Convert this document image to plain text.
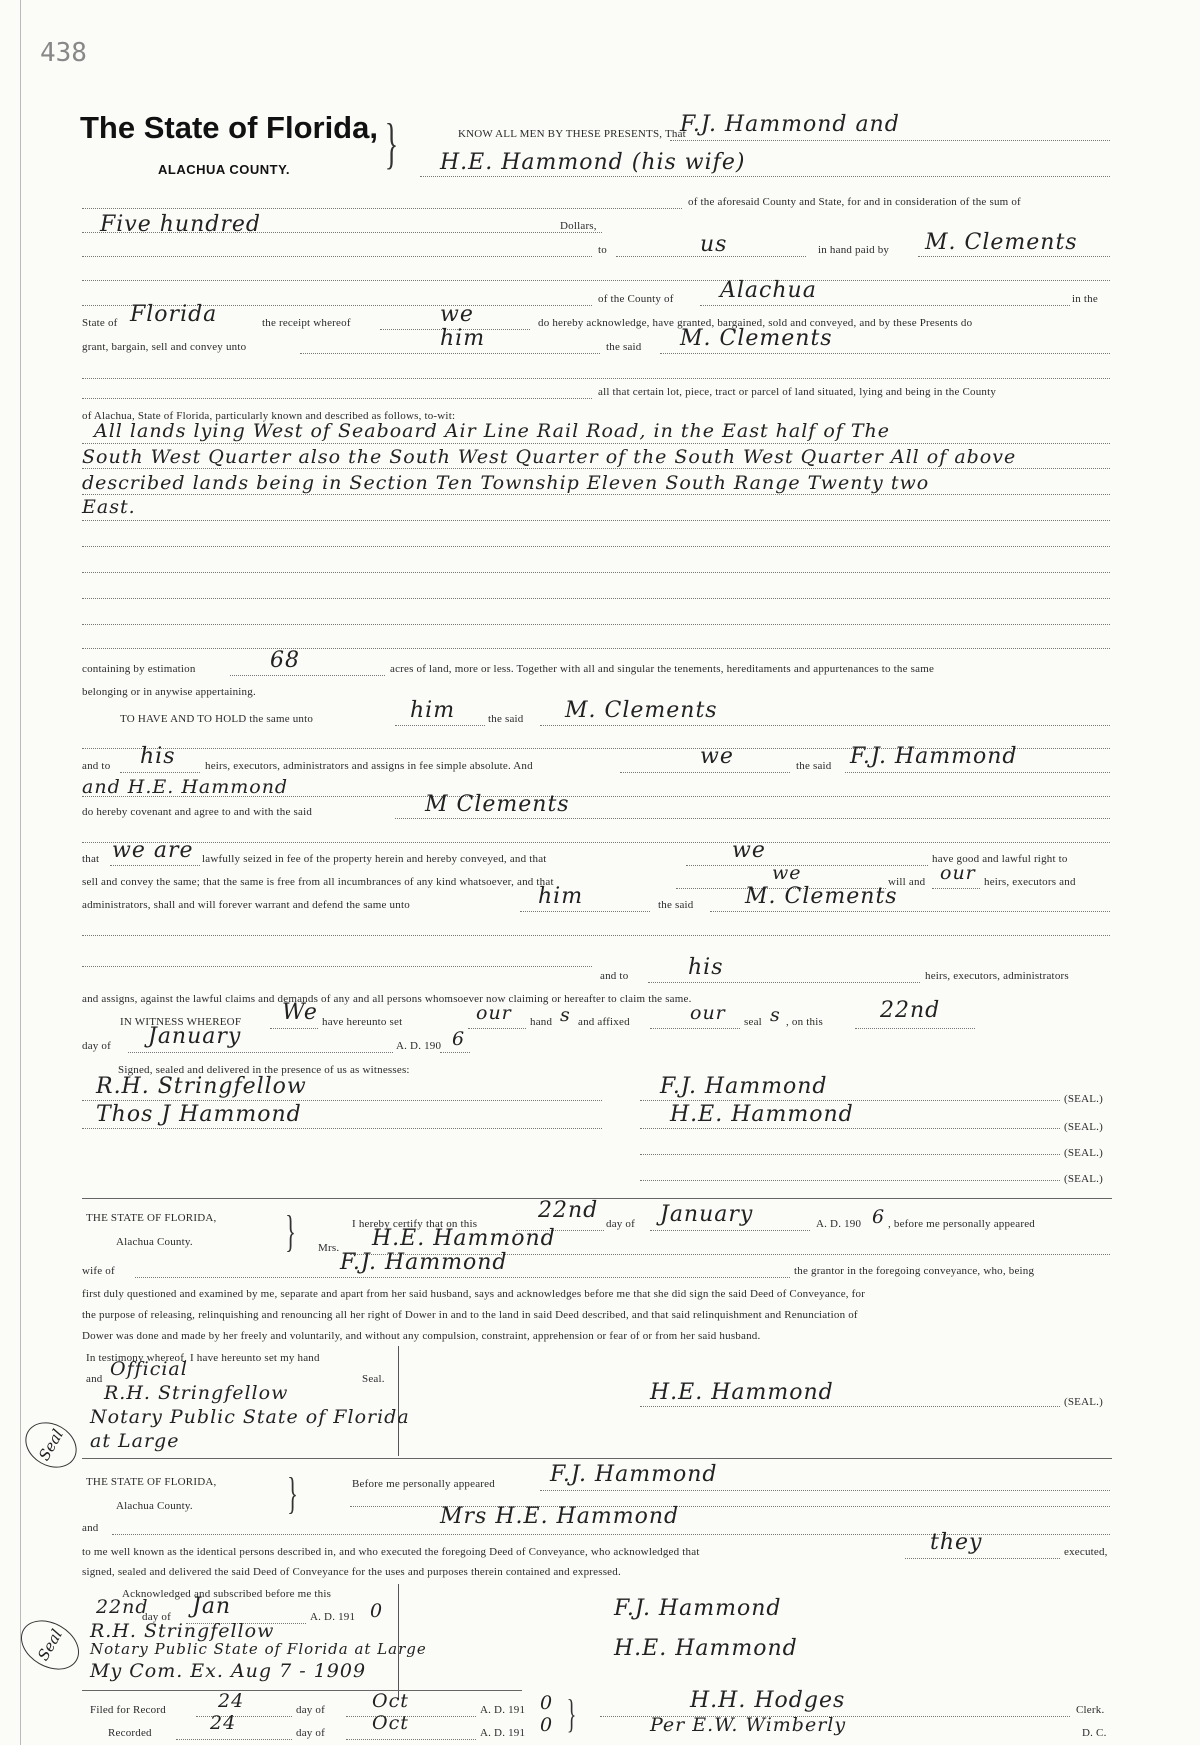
438
The State of Florida,
ALACHUA COUNTY. }	KNOW ALL MEN BY THESE PRESENTS, That
F.J. Hammond and
H.E. Hammond (his wife)
of the aforesaid County and State, for and in consideration of the sum of
Five hundred	Dollars,
to	us	in hand paid by M. Clements
of the County of Alachua	in the
State of Florida	the receipt whereof	we	do hereby acknowledge, have granted, bargained, sold and conveyed, and by these Presents do
grant, bargain, sell and convey unto	him	the said M. Clements
all that certain lot, piece, tract or parcel of land situated, lying and being in the County
of Alachua, State of Florida, particularly known and described as follows, to-wit:
All lands lying West of Seaboard Air Line Rail Road, in the East half of The
South West Quarter also the South West Quarter of the South West Quarter All of above
described lands being in Section Ten Township Eleven South Range Twenty two
East.
containing by estimation	68	acres of land, more or less. Together with all and singular the tenements, hereditaments and appurtenances to the same
belonging or in anywise appertaining.
TO HAVE AND TO HOLD the same unto	him	the said M. Clements
and to his	heirs, executors, administrators and assigns in fee simple absolute. And	we	the said F.J. Hammond
and H.E. Hammond
do hereby covenant and agree to and with the said	M Clements
that we are lawfully seized in fee of the property herein and hereby conveyed, and that	we	have good and lawful right to
sell and convey the same; that the same is free from all incumbrances of any kind whatsoever, and that	we	will and our heirs, executors and
administrators, shall and will forever warrant and defend the same unto	him	the said M. Clements
and to	his	heirs, executors, administrators
and assigns, against the lawful claims and demands of any and all persons whomsoever now claiming or hereafter to claim the same.
IN WITNESS WHEREOF We have hereunto set	our hand s and affixed	our seal s , on this	22nd
day of January	A. D. 190 6
Signed, sealed and delivered in the presence of us as witnesses:
R.H. Stringfellow
Thos J Hammond
F.J. Hammond	(SEAL.)
H.E. Hammond	(SEAL.)
(SEAL.)
(SEAL.)
THE STATE OF FLORIDA,
Alachua County. }	I hereby certify that on this
22nd
day of January	A. D. 190 6 , before me personally appeared
Mrs. H.E. Hammond
wife of	F.J. Hammond	the grantor in the foregoing conveyance, who, being
first duly questioned and examined by me, separate and apart from her said husband, says and acknowledges before me that she did sign the said Deed of Conveyance, for
the purpose of releasing, relinquishing and renouncing all her right of Dower in and to the land in said Deed described, and that said relinquishment and Renunciation of
Dower was done and made by her freely and voluntarily, and without any compulsion, constraint, apprehension or fear of or from her said husband.
In testimony whereof, I have hereunto set my hand
and Official	Seal.
R.H. Stringfellow
Notary Public State of Florida
at Large
Seal
H.E. Hammond	(SEAL.)
THE STATE OF FLORIDA,
Alachua County. }	Before me personally appeared	F.J. Hammond
and	Mrs H.E. Hammond
to me well known as the identical persons described in, and who executed the foregoing Deed of Conveyance, who acknowledged that	they	executed,
signed, sealed and delivered the said Deed of Conveyance for the uses and purposes therein contained and expressed.
Acknowledged and subscribed before me this
22nd
day of Jan	A. D. 191 0
R.H. Stringfellow
Notary Public State of Florida at Large
My Com. Ex. Aug 7 - 1909
Seal
F.J. Hammond
H.E. Hammond
Filed for Record	24	day of Oct	A. D. 191 0 }
Recorded	24	day of Oct	A. D. 191 0
H.H. Hodges	Clerk.
Per E.W. Wimberly	D. C.
